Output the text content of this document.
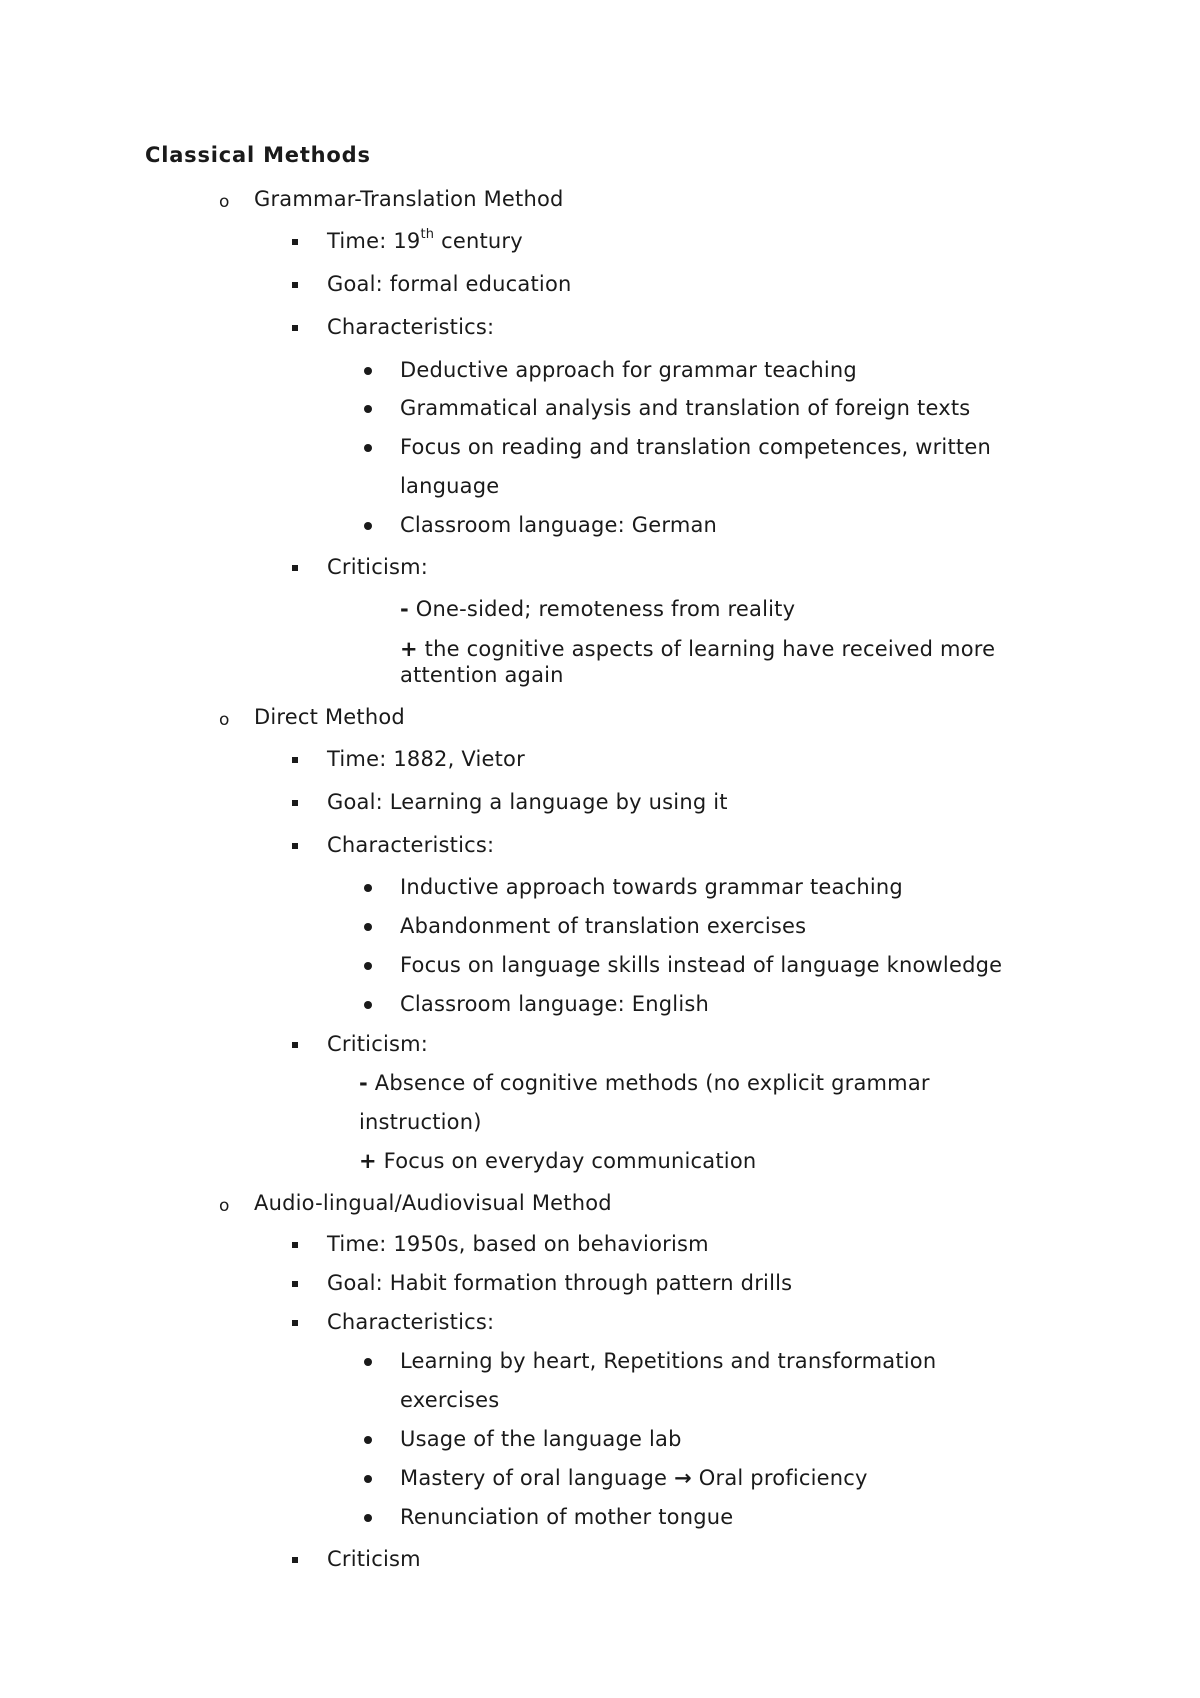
Classical Methods
o Grammar-Translation Method
Time: 19th century
Goal: formal education
Characteristics:
Deductive approach for grammar teaching
Grammatical analysis and translation of foreign texts
Focus on reading and translation competences, written
language
Classroom language: German
Criticism:
- One-sided; remoteness from reality
+ the cognitive aspects of learning have received more
attention again
o Direct Method
Time: 1882, Vietor
Goal: Learning a language by using it
Characteristics:
Inductive approach towards grammar teaching
Abandonment of translation exercises
Focus on language skills instead of language knowledge
Classroom language: English
Criticism:
- Absence of cognitive methods (no explicit grammar
instruction)
+ Focus on everyday communication
o Audio-lingual/Audiovisual Method
Time: 1950s, based on behaviorism
Goal: Habit formation through pattern drills
Characteristics:
Learning by heart, Repetitions and transformation
exercises
Usage of the language lab
Mastery of oral language → Oral proficiency
Renunciation of mother tongue
Criticism
